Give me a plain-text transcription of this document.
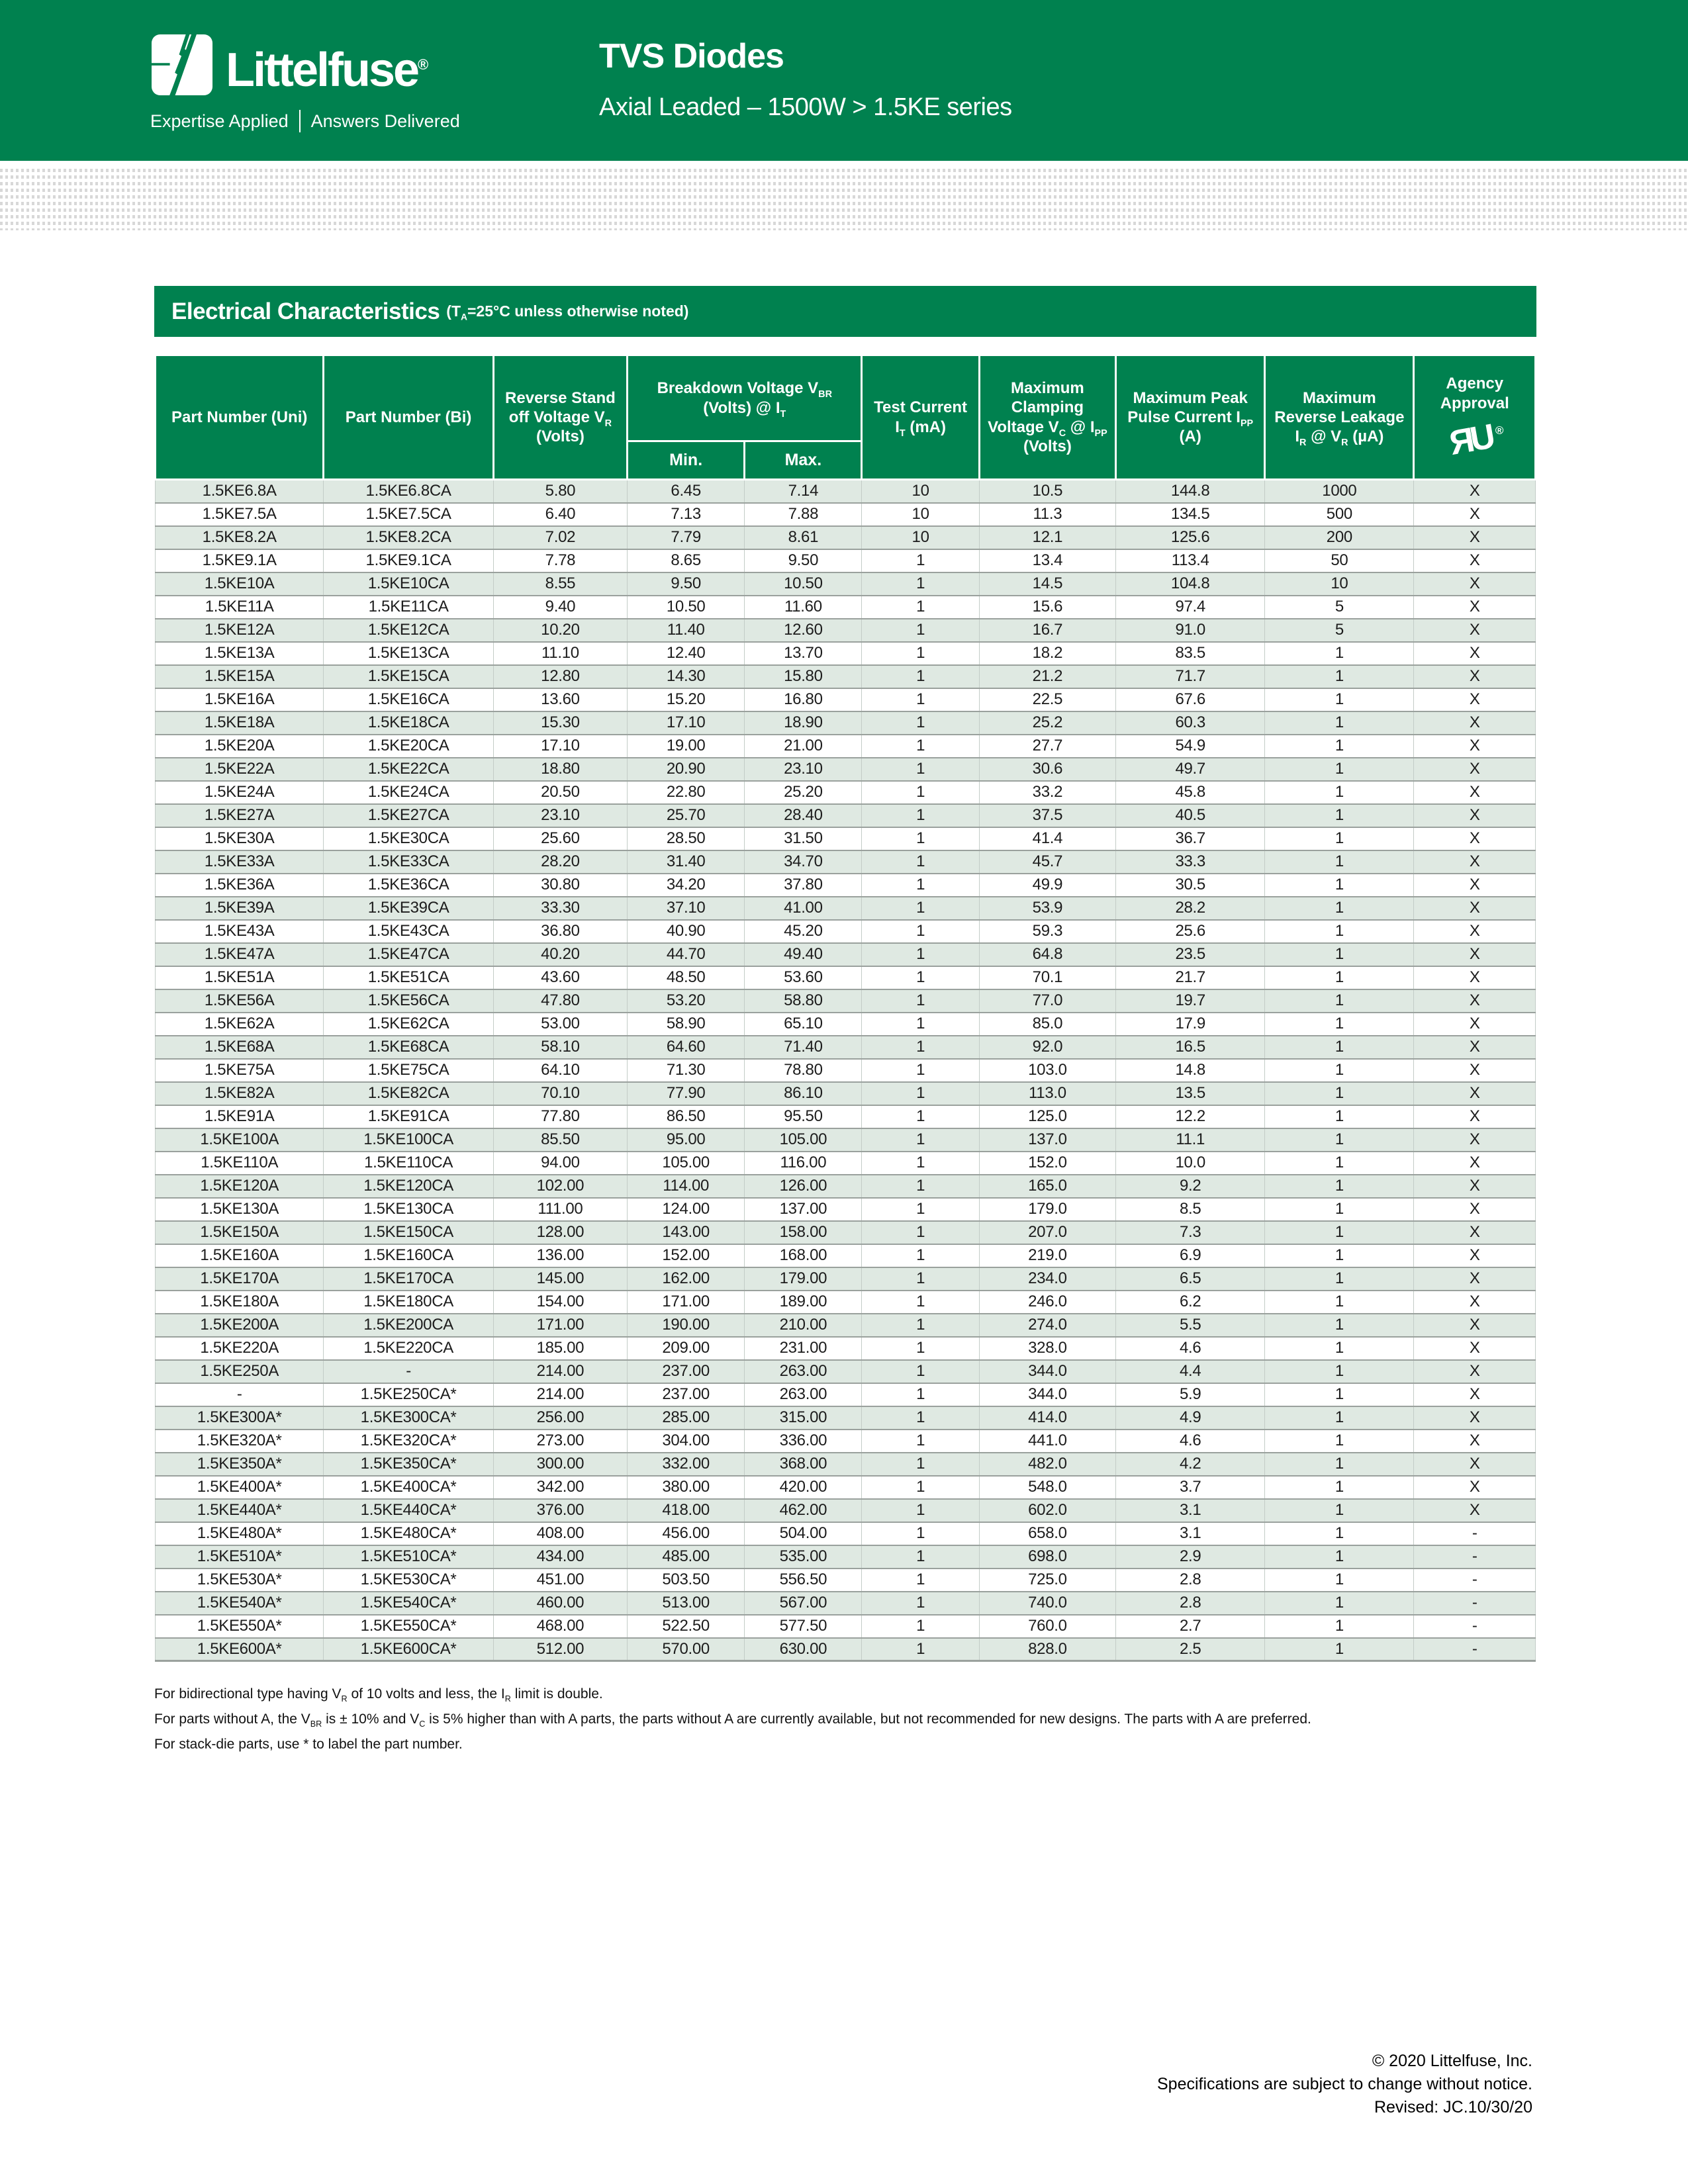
Littelfuse®
Expertise Applied Answers Delivered
TVS Diodes
Axial Leaded – 1500W > 1.5KE series
Electrical Characteristics ($T_A=25^\circ C$ unless otherwise noted)
Part Number (Uni)	Part Number (Bi)	Reverse Stand off Voltage $V_R$ (Volts)	Breakdown Voltage $V_{BR}$ (Volts) @ $I_T$		Test Current $I_T$ (mA)	Maximum Clamping Voltage $V_C$ @ $I_{PP}$ (Volts)	Maximum Peak Pulse Current $I_{PP}$ (A)	Maximum Reverse Leakage $I_R$ @ $V_R$ (µA)	Agency Approval
ЯU®

			Min.	Max.					
1.5KE6.8A	1.5KE6.8CA	5.80	6.45	7.14	10	10.5	144.8	1000	X
1.5KE7.5A	1.5KE7.5CA	6.40	7.13	7.88	10	11.3	134.5	500	X
1.5KE8.2A	1.5KE8.2CA	7.02	7.79	8.61	10	12.1	125.6	200	X
1.5KE9.1A	1.5KE9.1CA	7.78	8.65	9.50	1	13.4	113.4	50	X
1.5KE10A	1.5KE10CA	8.55	9.50	10.50	1	14.5	104.8	10	X
1.5KE11A	1.5KE11CA	9.40	10.50	11.60	1	15.6	97.4	5	X
1.5KE12A	1.5KE12CA	10.20	11.40	12.60	1	16.7	91.0	5	X
1.5KE13A	1.5KE13CA	11.10	12.40	13.70	1	18.2	83.5	1	X
1.5KE15A	1.5KE15CA	12.80	14.30	15.80	1	21.2	71.7	1	X
1.5KE16A	1.5KE16CA	13.60	15.20	16.80	1	22.5	67.6	1	X
1.5KE18A	1.5KE18CA	15.30	17.10	18.90	1	25.2	60.3	1	X
1.5KE20A	1.5KE20CA	17.10	19.00	21.00	1	27.7	54.9	1	X
1.5KE22A	1.5KE22CA	18.80	20.90	23.10	1	30.6	49.7	1	X
1.5KE24A	1.5KE24CA	20.50	22.80	25.20	1	33.2	45.8	1	X
1.5KE27A	1.5KE27CA	23.10	25.70	28.40	1	37.5	40.5	1	X
1.5KE30A	1.5KE30CA	25.60	28.50	31.50	1	41.4	36.7	1	X
1.5KE33A	1.5KE33CA	28.20	31.40	34.70	1	45.7	33.3	1	X
1.5KE36A	1.5KE36CA	30.80	34.20	37.80	1	49.9	30.5	1	X
1.5KE39A	1.5KE39CA	33.30	37.10	41.00	1	53.9	28.2	1	X
1.5KE43A	1.5KE43CA	36.80	40.90	45.20	1	59.3	25.6	1	X
1.5KE47A	1.5KE47CA	40.20	44.70	49.40	1	64.8	23.5	1	X
1.5KE51A	1.5KE51CA	43.60	48.50	53.60	1	70.1	21.7	1	X
1.5KE56A	1.5KE56CA	47.80	53.20	58.80	1	77.0	19.7	1	X
1.5KE62A	1.5KE62CA	53.00	58.90	65.10	1	85.0	17.9	1	X
1.5KE68A	1.5KE68CA	58.10	64.60	71.40	1	92.0	16.5	1	X
1.5KE75A	1.5KE75CA	64.10	71.30	78.80	1	103.0	14.8	1	X
1.5KE82A	1.5KE82CA	70.10	77.90	86.10	1	113.0	13.5	1	X
1.5KE91A	1.5KE91CA	77.80	86.50	95.50	1	125.0	12.2	1	X
1.5KE100A	1.5KE100CA	85.50	95.00	105.00	1	137.0	11.1	1	X
1.5KE110A	1.5KE110CA	94.00	105.00	116.00	1	152.0	10.0	1	X
1.5KE120A	1.5KE120CA	102.00	114.00	126.00	1	165.0	9.2	1	X
1.5KE130A	1.5KE130CA	111.00	124.00	137.00	1	179.0	8.5	1	X
1.5KE150A	1.5KE150CA	128.00	143.00	158.00	1	207.0	7.3	1	X
1.5KE160A	1.5KE160CA	136.00	152.00	168.00	1	219.0	6.9	1	X
1.5KE170A	1.5KE170CA	145.00	162.00	179.00	1	234.0	6.5	1	X
1.5KE180A	1.5KE180CA	154.00	171.00	189.00	1	246.0	6.2	1	X
1.5KE200A	1.5KE200CA	171.00	190.00	210.00	1	274.0	5.5	1	X
1.5KE220A	1.5KE220CA	185.00	209.00	231.00	1	328.0	4.6	1	X
1.5KE250A	-	214.00	237.00	263.00	1	344.0	4.4	1	X
-	1.5KE250CA*	214.00	237.00	263.00	1	344.0	5.9	1	X
1.5KE300A*	1.5KE300CA*	256.00	285.00	315.00	1	414.0	4.9	1	X
1.5KE320A*	1.5KE320CA*	273.00	304.00	336.00	1	441.0	4.6	1	X
1.5KE350A*	1.5KE350CA*	300.00	332.00	368.00	1	482.0	4.2	1	X
1.5KE400A*	1.5KE400CA*	342.00	380.00	420.00	1	548.0	3.7	1	X
1.5KE440A*	1.5KE440CA*	376.00	418.00	462.00	1	602.0	3.1	1	X
1.5KE480A*	1.5KE480CA*	408.00	456.00	504.00	1	658.0	3.1	1	-
1.5KE510A*	1.5KE510CA*	434.00	485.00	535.00	1	698.0	2.9	1	-
1.5KE530A*	1.5KE530CA*	451.00	503.50	556.50	1	725.0	2.8	1	-
1.5KE540A*	1.5KE540CA*	460.00	513.00	567.00	1	740.0	2.8	1	-
1.5KE550A*	1.5KE550CA*	468.00	522.50	577.50	1	760.0	2.7	1	-
1.5KE600A*	1.5KE600CA*	512.00	570.00	630.00	1	828.0	2.5	1	-

For bidirectional type having $V_R$ of 10 volts and less, the $I_R$ limit is double.

For parts without A, the $V_{BR}$ is ± 10% and $V_C$ is 5% higher than with A parts, the parts without A are currently available, but not recommended for new designs. The parts with A are preferred.

For stack-die parts, use * to label the part number.

© 2020 Littelfuse, Inc.
Specifications are subject to change without notice.
Revised: JC.10/30/20
